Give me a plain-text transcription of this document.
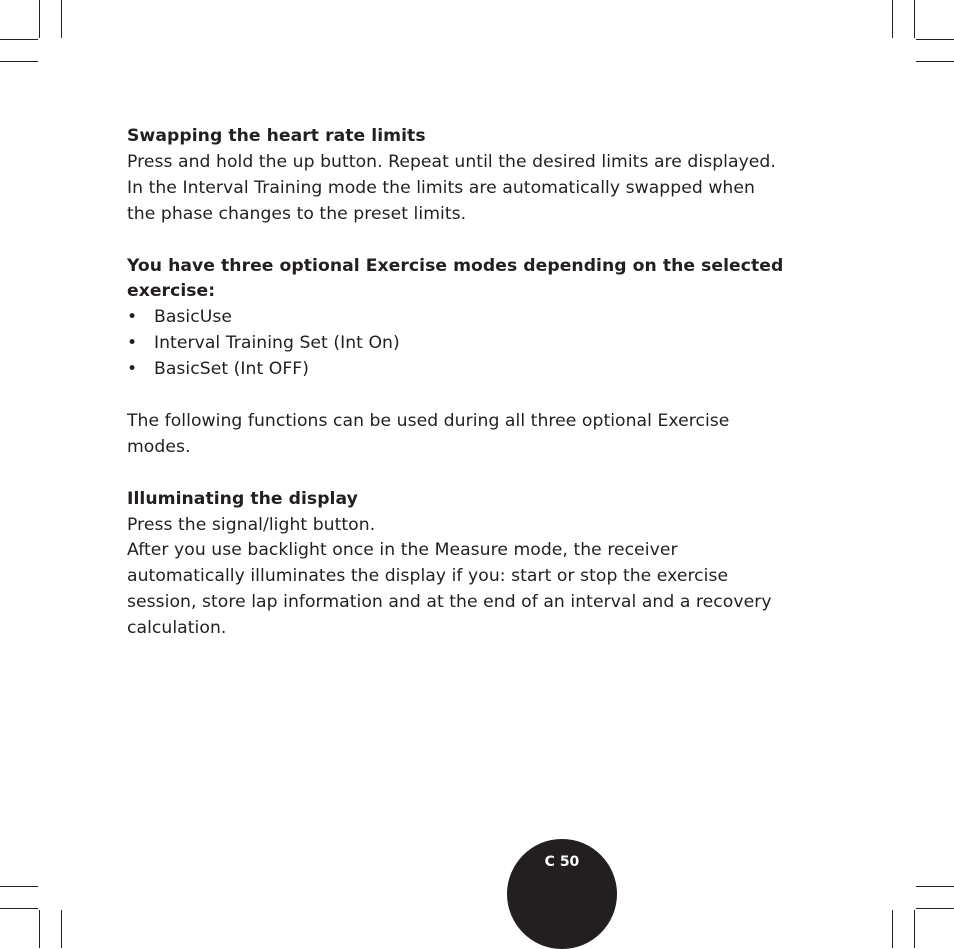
Swapping the heart rate limits

Press and hold the up button. Repeat until the desired limits are displayed.

In the Interval Training mode the limits are automatically swapped when

the phase changes to the preset limits.

You have three optional Exercise modes depending on the selected

exercise:

• BasicUse
• Interval Training Set (Int On)
• BasicSet (Int OFF)

The following functions can be used during all three optional Exercise

modes.

Illuminating the display

Press the signal/light button.

After you use backlight once in the Measure mode, the receiver

automatically illuminates the display if you: start or stop the exercise

session, store lap information and at the end of an interval and a recovery

calculation.

C 50
